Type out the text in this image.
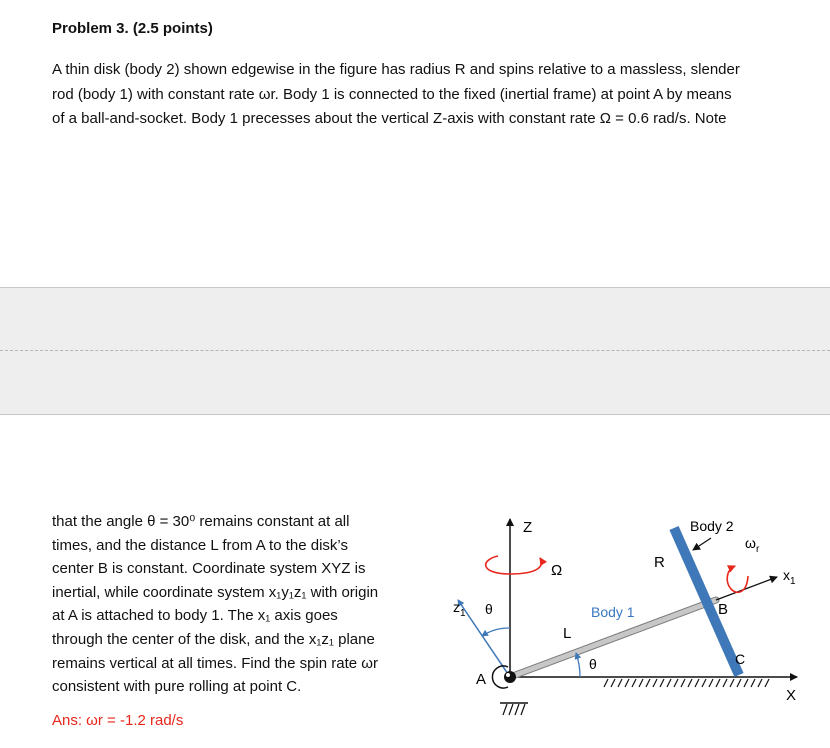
Problem 3. (2.5 points)
A thin disk (body 2) shown edgewise in the figure has radius R and spins relative to a massless, slender
rod (body 1) with constant rate ωr. Body 1 is connected to the fixed (inertial frame) at point A by means
of a ball-and-socket. Body 1 precesses about the vertical Z-axis with constant rate Ω = 0.6 rad/s. Note
that the angle θ = 30⁰ remains constant at all
times, and the distance L from A to the disk’s
center B is constant. Coordinate system XYZ is
inertial, while coordinate system x₁y₁z₁ with origin
at A is attached to body 1. The x₁ axis goes
through the center of the disk, and the x₁z₁ plane
remains vertical at all times. Find the spin rate ωr
consistent with pure rolling at point C.
Ans: ωr = -1.2 rad/s
Z
Ω
$z_1$ θ
A
L
θ
Body 1
R
Body 2
$\omega_r$
B
$x_1$
C
X
